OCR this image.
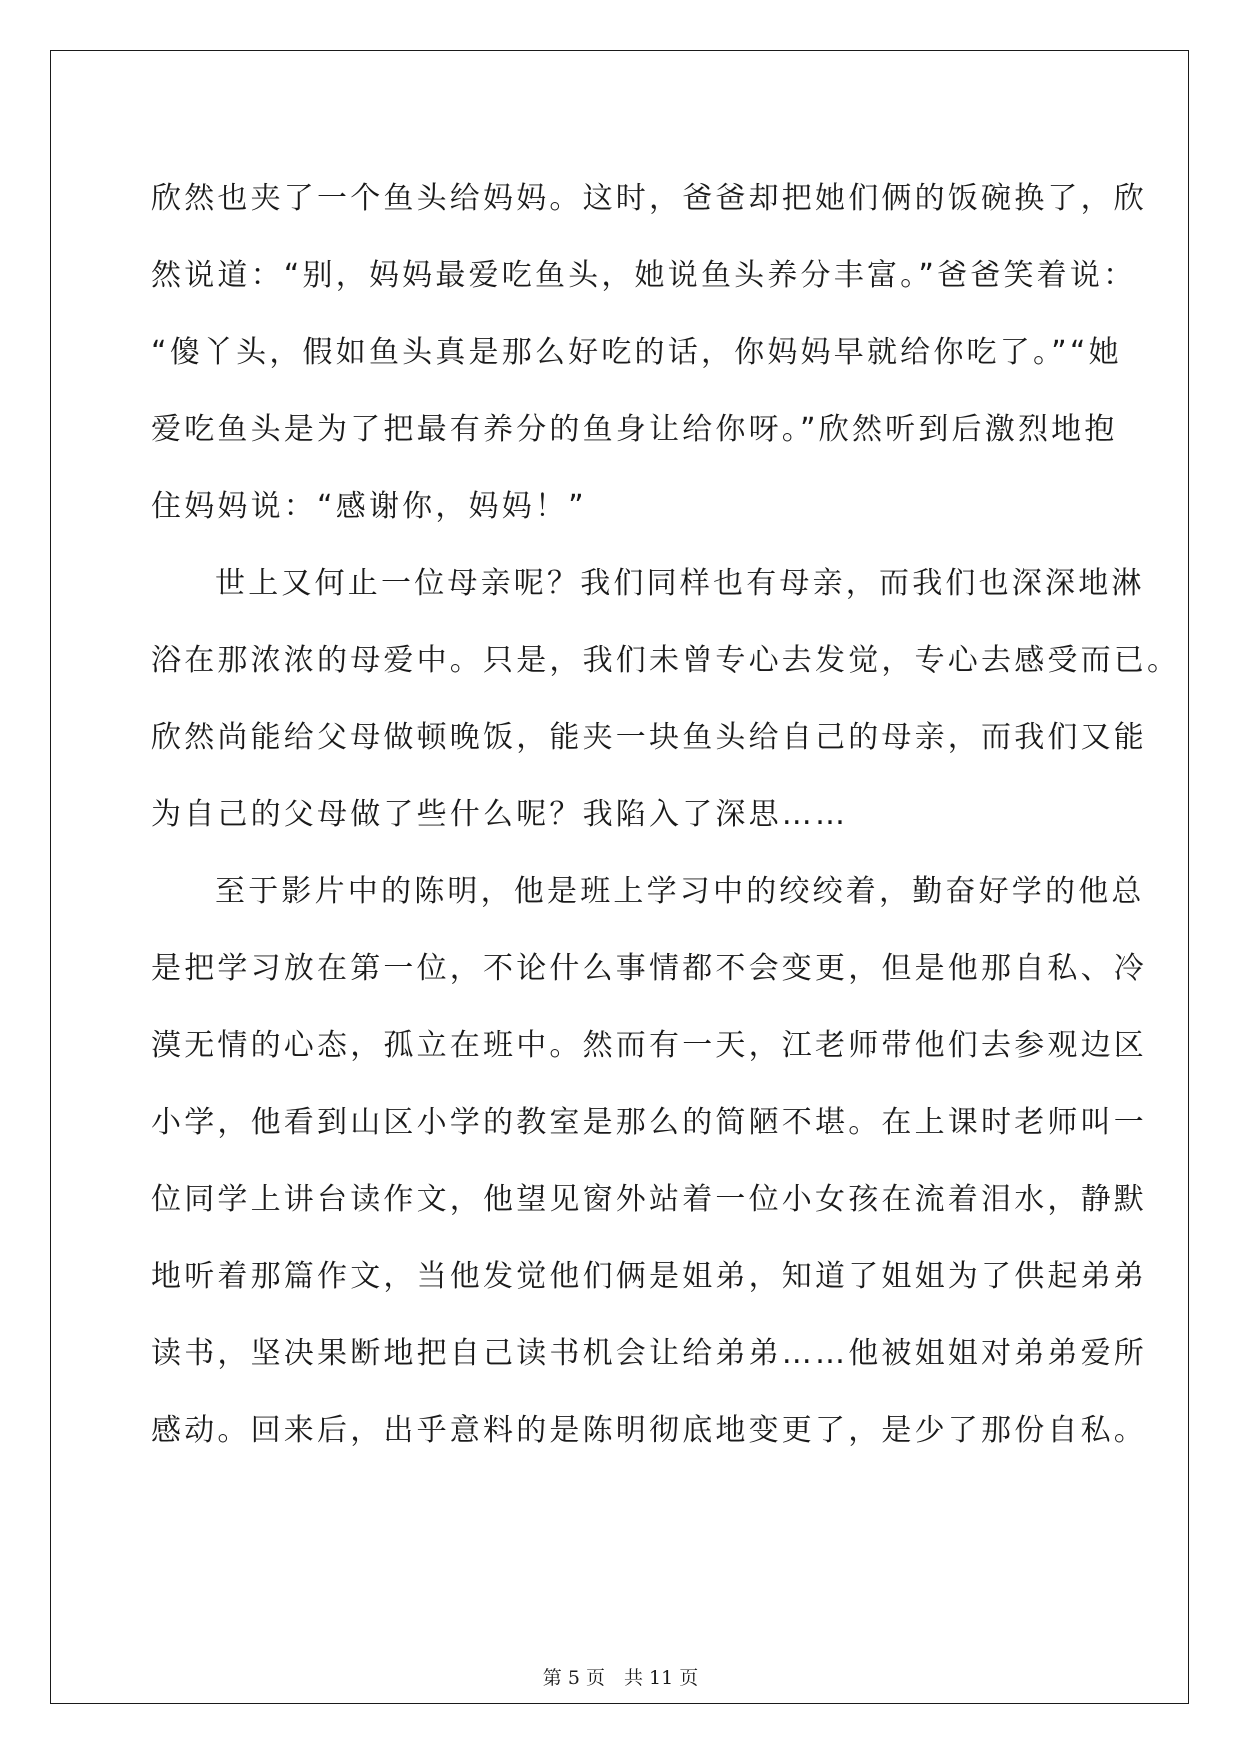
欣然也夹了一个鱼头给妈妈。这时，爸爸却把她们俩的饭碗换了，欣
然说道：“别，妈妈最爱吃鱼头，她说鱼头养分丰富。”爸爸笑着说：
“傻丫头，假如鱼头真是那么好吃的话，你妈妈早就给你吃了。”“她
爱吃鱼头是为了把最有养分的鱼身让给你呀。”欣然听到后激烈地抱
住妈妈说：“感谢你，妈妈！”
世上又何止一位母亲呢？我们同样也有母亲，而我们也深深地淋
浴在那浓浓的母爱中。只是，我们未曾专心去发觉，专心去感受而已。
欣然尚能给父母做顿晚饭，能夹一块鱼头给自己的母亲，而我们又能
为自己的父母做了些什么呢？我陷入了深思……
至于影片中的陈明，他是班上学习中的绞绞着，勤奋好学的他总
是把学习放在第一位，不论什么事情都不会变更，但是他那自私、冷
漠无情的心态，孤立在班中。然而有一天，江老师带他们去参观边区
小学，他看到山区小学的教室是那么的简陋不堪。在上课时老师叫一
位同学上讲台读作文，他望见窗外站着一位小女孩在流着泪水，静默
地听着那篇作文，当他发觉他们俩是姐弟，知道了姐姐为了供起弟弟
读书，坚决果断地把自己读书机会让给弟弟……他被姐姐对弟弟爱所
感动。回来后，出乎意料的是陈明彻底地变更了，是少了那份自私。
第 5 页　共 11 页
